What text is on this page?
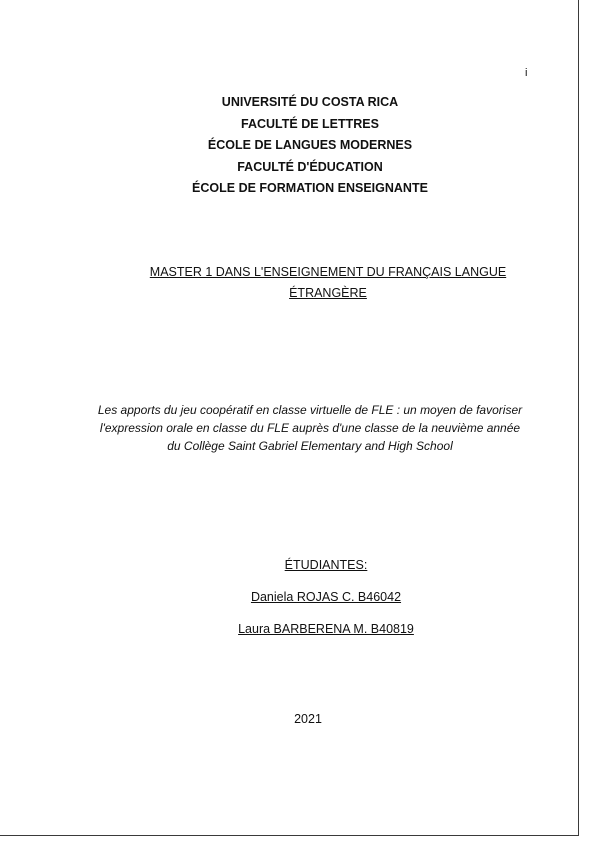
i
UNIVERSITÉ DU COSTA RICA
FACULTÉ DE LETTRES
ÉCOLE DE LANGUES MODERNES
FACULTÉ D'ÉDUCATION
ÉCOLE DE FORMATION ENSEIGNANTE
MASTER 1 DANS L'ENSEIGNEMENT DU FRANÇAIS LANGUE
ÉTRANGÈRE
Les apports du jeu coopératif en classe virtuelle de FLE : un moyen de favoriser
l'expression orale en classe du FLE auprès d'une classe de la neuvième année
du Collège Saint Gabriel Elementary and High School
ÉTUDIANTES:
Daniela ROJAS C. B46042
Laura BARBERENA M. B40819
2021
